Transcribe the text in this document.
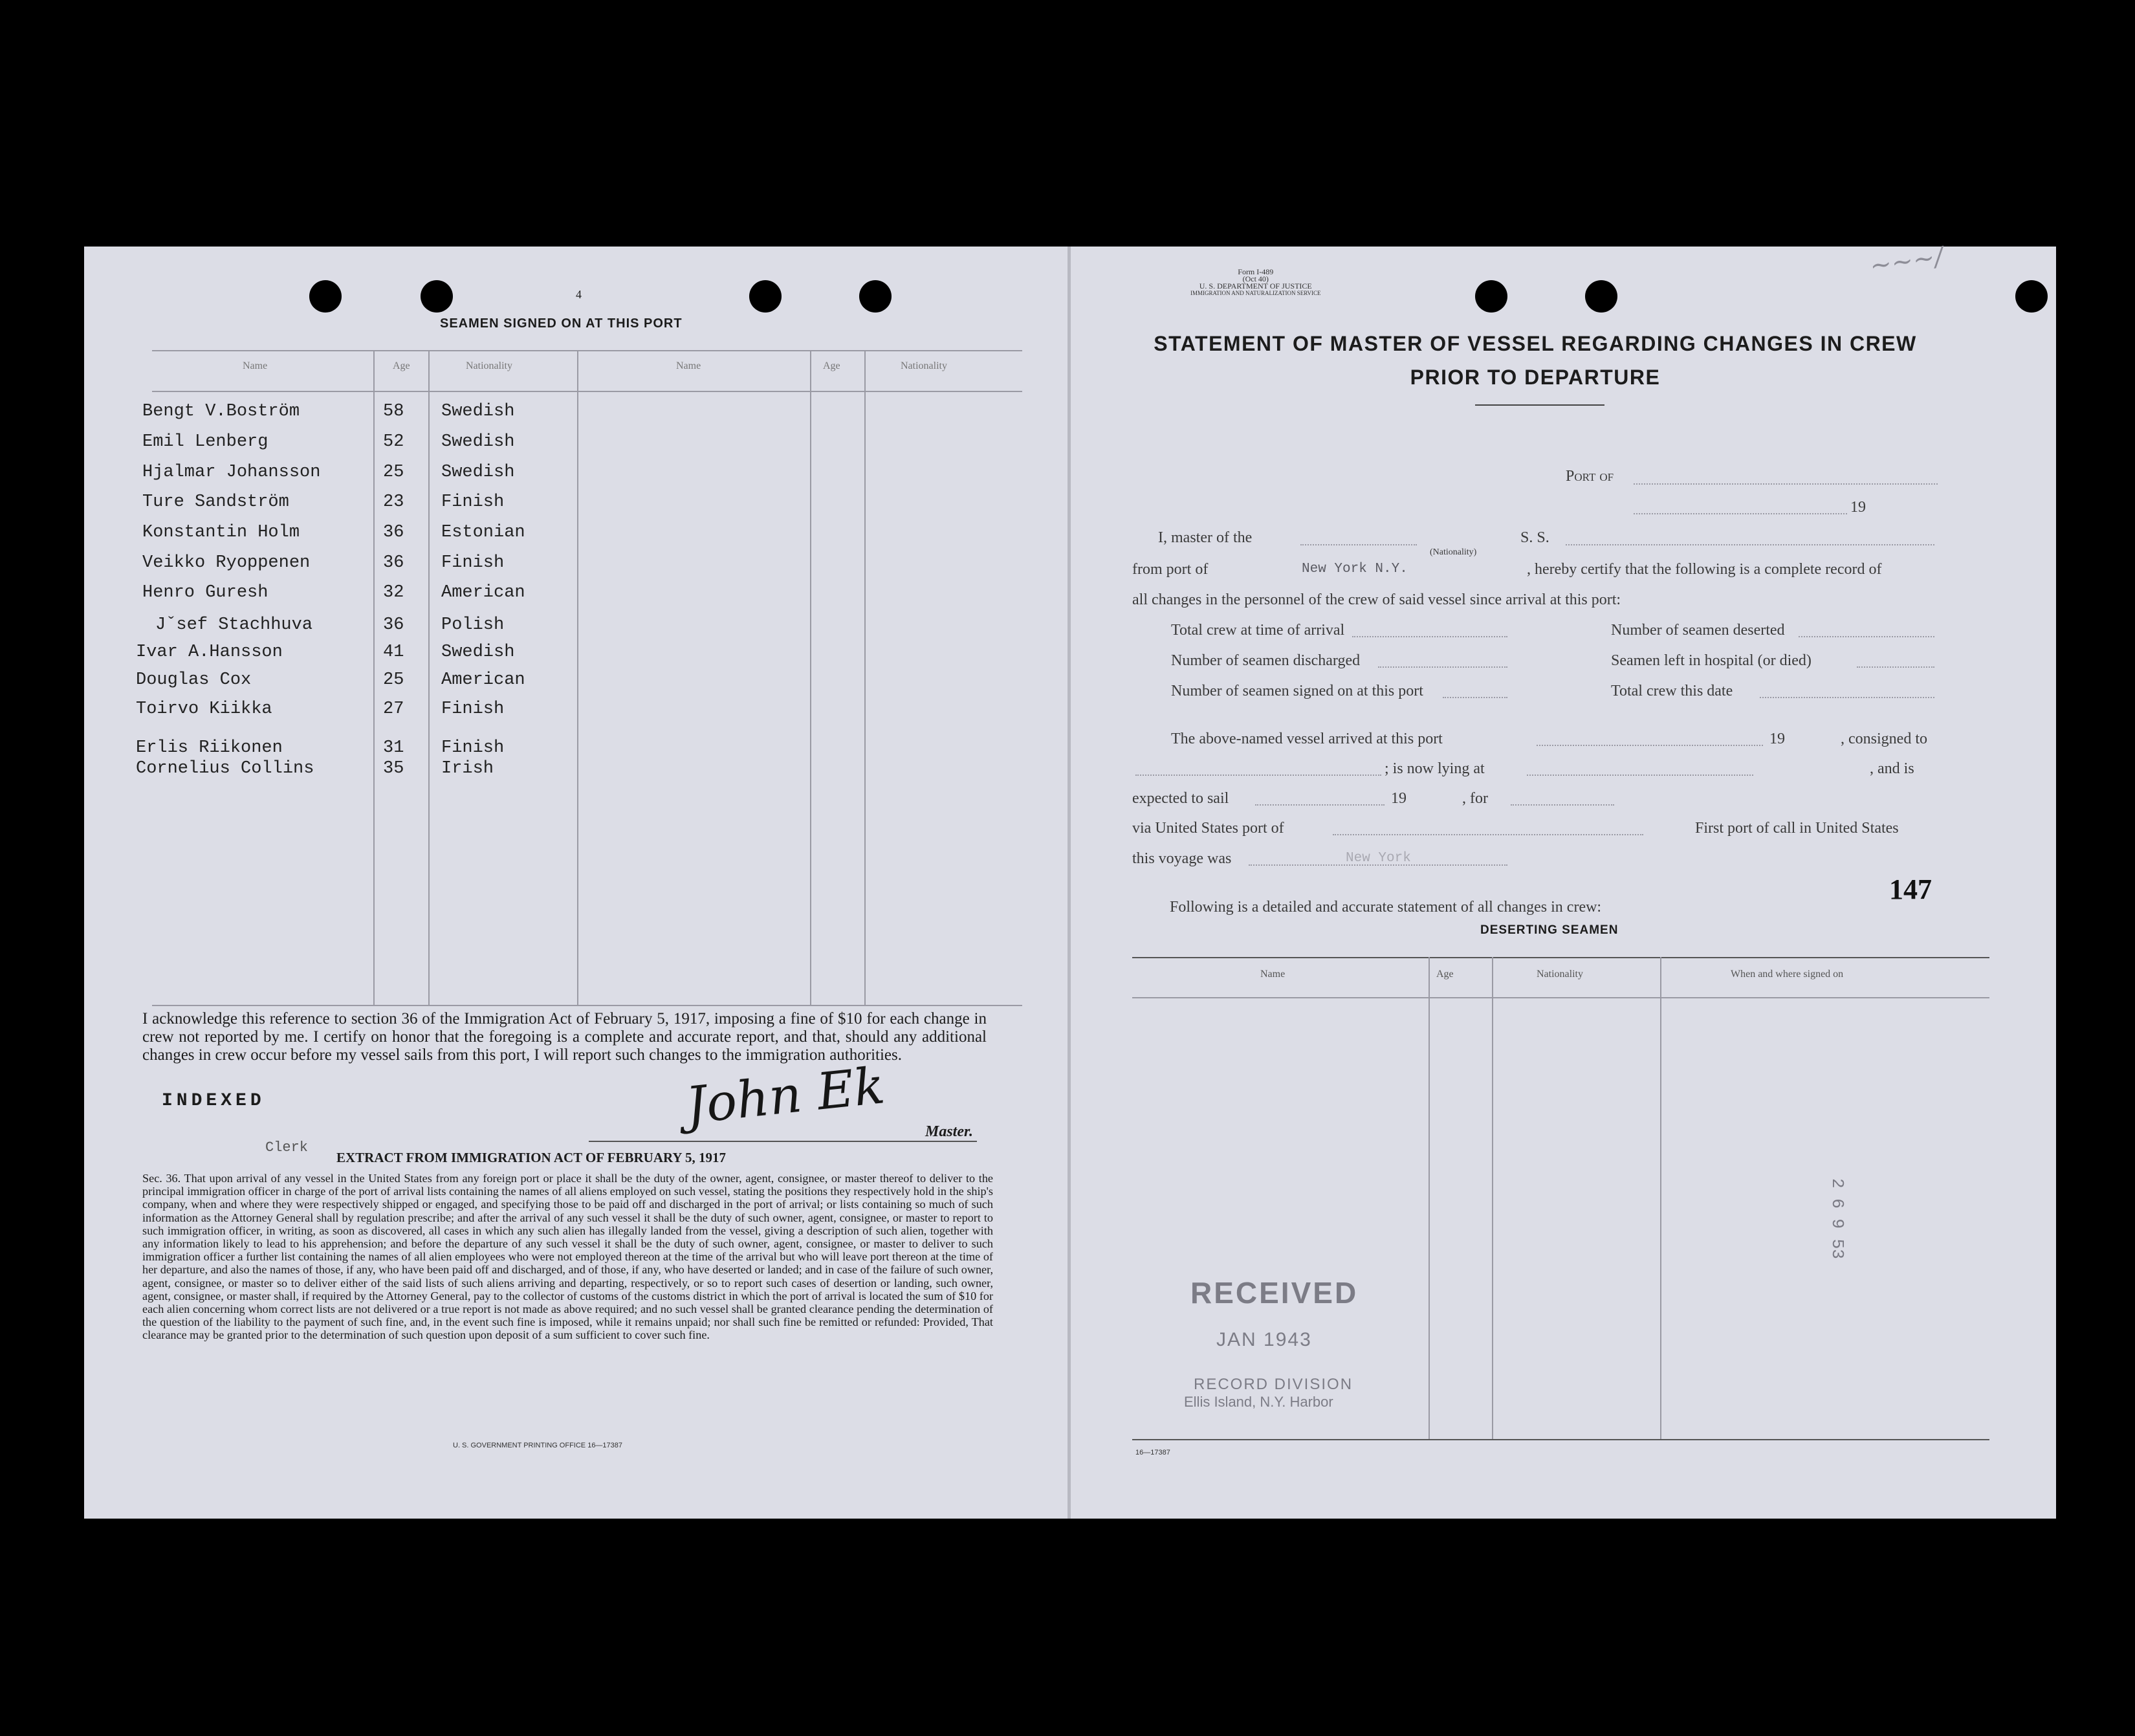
4
SEAMEN SIGNED ON AT THIS PORT
Name	Age	Nationality	Name	Age	Nationality
Bengt V.Boström	58 Swedish
Emil Lenberg	52 Swedish
Hjalmar Johansson	25 Swedish
Ture Sandström	23 Finish
Konstantin Holm	36 Estonian
Veikko Ryoppenen	36 Finish
Henro Guresh	32 American
Jˇsef Stachhuva	36 Polish
Ivar A.Hansson	41 Swedish
Douglas Cox	25 American
Toirvo Kiikka	27 Finish
Erlis Riikonen	31 Finish
Cornelius Collins	35 Irish
I acknowledge this reference to section 36 of the Immigration Act of February 5, 1917, imposing a fine of $10 for each change in crew not reported by me. I certify on honor that the foregoing is a complete and accurate report, and that, should any additional changes in crew occur before my vessel sails from this port, I will report such changes to the immigration authorities.
INDEXED
Clerk
John Ek Master.
EXTRACT FROM IMMIGRATION ACT OF FEBRUARY 5, 1917
Sec. 36. That upon arrival of any vessel in the United States from any foreign port or place it shall be the duty of the owner, agent, consignee, or master thereof to deliver to the principal immigration officer in charge of the port of arrival lists containing the names of all aliens employed on such vessel, stating the positions they respectively hold in the ship's company, when and where they were respectively shipped or engaged, and specifying those to be paid off and discharged in the port of arrival; or lists containing so much of such information as the Attorney General shall by regulation prescribe; and after the arrival of any such vessel it shall be the duty of such owner, agent, consignee, or master to report to such immigration officer, in writing, as soon as discovered, all cases in which any such alien has illegally landed from the vessel, giving a description of such alien, together with any information likely to lead to his apprehension; and before the departure of any such vessel it shall be the duty of such owner, agent, consignee, or master to deliver to such immigration officer a further list containing the names of all alien employees who were not employed thereon at the time of the arrival but who will leave port thereon at the time of her departure, and also the names of those, if any, who have been paid off and discharged, and of those, if any, who have deserted or landed; and in case of the failure of such owner, agent, consignee, or master so to deliver either of the said lists of such aliens arriving and departing, respectively, or so to report such cases of desertion or landing, such owner, agent, consignee, or master shall, if required by the Attorney General, pay to the collector of customs of the customs district in which the port of arrival is located the sum of $10 for each alien concerning whom correct lists are not delivered or a true report is not made as above required; and no such vessel shall be granted clearance pending the determination of the question of the liability to the payment of such fine, and, in the event such fine is imposed, while it remains unpaid; nor shall such fine be remitted or refunded: Provided, That clearance may be granted prior to the determination of such question upon deposit of a sum sufficient to cover such fine.
U. S. GOVERNMENT PRINTING OFFICE 16—17387
Form I-489
(Oct 40)
U. S. DEPARTMENT OF JUSTICE
IMMIGRATION AND NATURALIZATION SERVICE
~~~/
STATEMENT OF MASTER OF VESSEL REGARDING CHANGES IN CREW
PRIOR TO DEPARTURE
Port of
19
I, master of the	S. S.
from port of	New York N.Y.
(Nationality)
, hereby certify that the following is a complete record of
all changes in the personnel of the crew of said vessel since arrival at this port:
Total crew at time of arrival	Number of seamen deserted
Number of seamen discharged	Seamen left in hospital (or died)
Number of seamen signed on at this port	Total crew this date
The above-named vessel arrived at this port	19	, consigned to
; is now lying at	, and is
expected to sail	19	, for
via United States port of	First port of call in United States
this voyage was	New York
147
Following is a detailed and accurate statement of all changes in crew:
DESERTING SEAMEN
Name	Age	Nationality	When and where signed on
RECEIVED
JAN 1943
RECORD DIVISION
Ellis Island, N.Y. Harbor
2 6 9 53
16—17387
